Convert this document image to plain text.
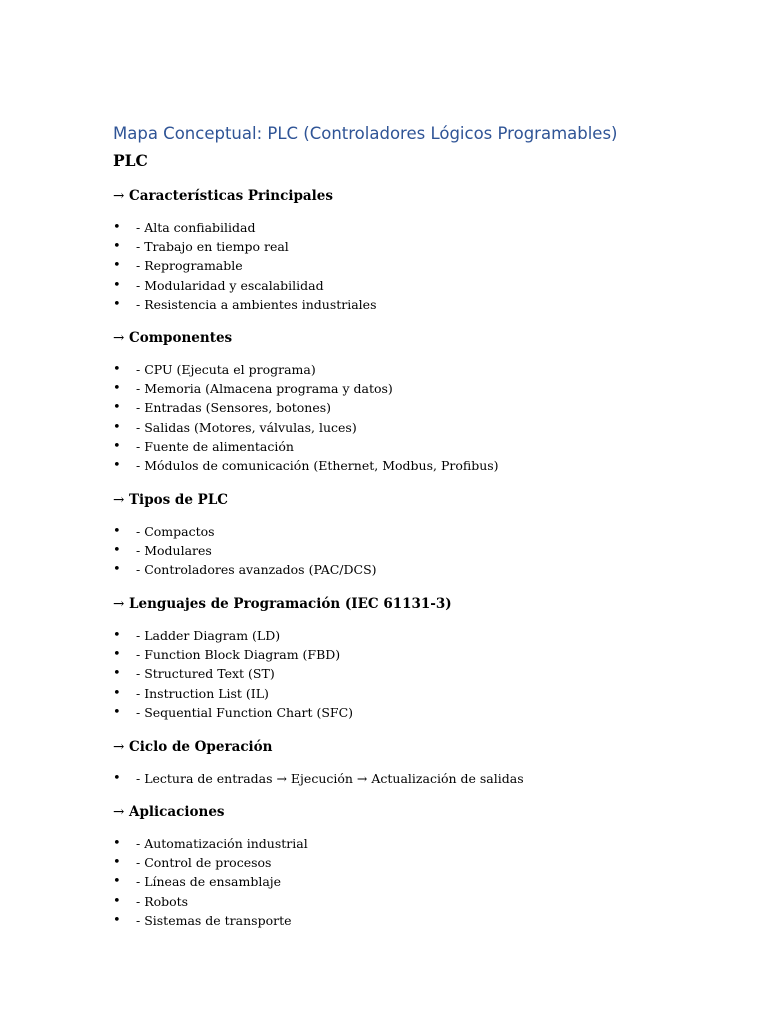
Mapa Conceptual: PLC (Controladores Lógicos Programables)
PLC
→ Características Principales
• - Alta confiabilidad
• - Trabajo en tiempo real
• - Reprogramable
• - Modularidad y escalabilidad
• - Resistencia a ambientes industriales
→ Componentes
• - CPU (Ejecuta el programa)
• - Memoria (Almacena programa y datos)
• - Entradas (Sensores, botones)
• - Salidas (Motores, válvulas, luces)
• - Fuente de alimentación
• - Módulos de comunicación (Ethernet, Modbus, Profibus)
→ Tipos de PLC
• - Compactos
• - Modulares
• - Controladores avanzados (PAC/DCS)
→ Lenguajes de Programación (IEC 61131-3)
• - Ladder Diagram (LD)
• - Function Block Diagram (FBD)
• - Structured Text (ST)
• - Instruction List (IL)
• - Sequential Function Chart (SFC)
→ Ciclo de Operación
• - Lectura de entradas → Ejecución → Actualización de salidas
→ Aplicaciones
• - Automatización industrial
• - Control de procesos
• - Líneas de ensamblaje
• - Robots
• - Sistemas de transporte
